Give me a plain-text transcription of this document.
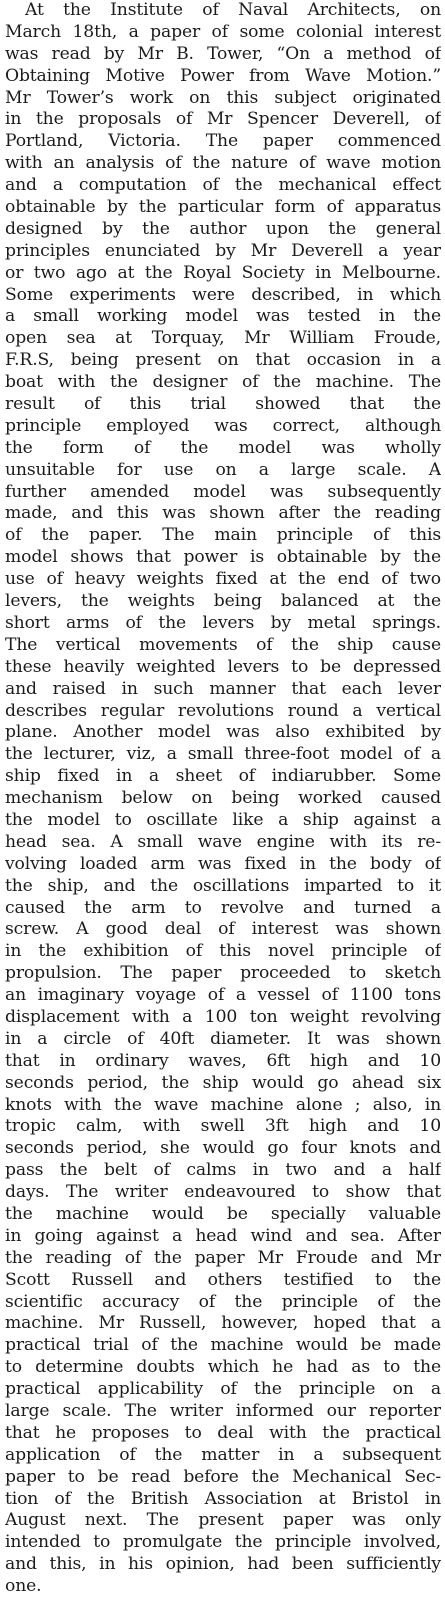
At the Institute of Naval Architects, on
March 18th, a paper of some colonial interest
was read by Mr B. Tower, “On a method of
Obtaining Motive Power from Wave Motion.”
Mr Tower’s work on this subject originated
in the proposals of Mr Spencer Deverell, of
Portland, Victoria. The paper commenced
with an analysis of the nature of wave motion
and a computation of the mechanical effect
obtainable by the particular form of apparatus
designed by the author upon the general
principles enunciated by Mr Deverell a year
or two ago at the Royal Society in Melbourne.
Some experiments were described, in which
a small working model was tested in the
open sea at Torquay, Mr William Froude,
F.R.S, being present on that occasion in a
boat with the designer of the machine. The
result of this trial showed that the
principle employed was correct, although
the form of the model was wholly
unsuitable for use on a large scale. A
further amended model was subsequently
made, and this was shown after the reading
of the paper. The main principle of this
model shows that power is obtainable by the
use of heavy weights fixed at the end of two
levers, the weights being balanced at the
short arms of the levers by metal springs.
The vertical movements of the ship cause
these heavily weighted levers to be depressed
and raised in such manner that each lever
describes regular revolutions round a vertical
plane. Another model was also exhibited by
the lecturer, viz, a small three-foot model of a
ship fixed in a sheet of indiarubber. Some
mechanism below on being worked caused
the model to oscillate like a ship against a
head sea. A small wave engine with its re-
volving loaded arm was fixed in the body of
the ship, and the oscillations imparted to it
caused the arm to revolve and turned a
screw. A good deal of interest was shown
in the exhibition of this novel principle of
propulsion. The paper proceeded to sketch
an imaginary voyage of a vessel of 1100 tons
displacement with a 100 ton weight revolving
in a circle of 40ft diameter. It was shown
that in ordinary waves, 6ft high and 10
seconds period, the ship would go ahead six
knots with the wave machine alone ; also, in
tropic calm, with swell 3ft high and 10
seconds period, she would go four knots and
pass the belt of calms in two and a half
days. The writer endeavoured to show that
the machine would be specially valuable
in going against a head wind and sea. After
the reading of the paper Mr Froude and Mr
Scott Russell and others testified to the
scientific accuracy of the principle of the
machine. Mr Russell, however, hoped that a
practical trial of the machine would be made
to determine doubts which he had as to the
practical applicability of the principle on a
large scale. The writer informed our reporter
that he proposes to deal with the practical
application of the matter in a subsequent
paper to be read before the Mechanical Sec-
tion of the British Association at Bristol in
August next. The present paper was only
intended to promulgate the principle involved,
and this, in his opinion, had been sufficiently
one.
